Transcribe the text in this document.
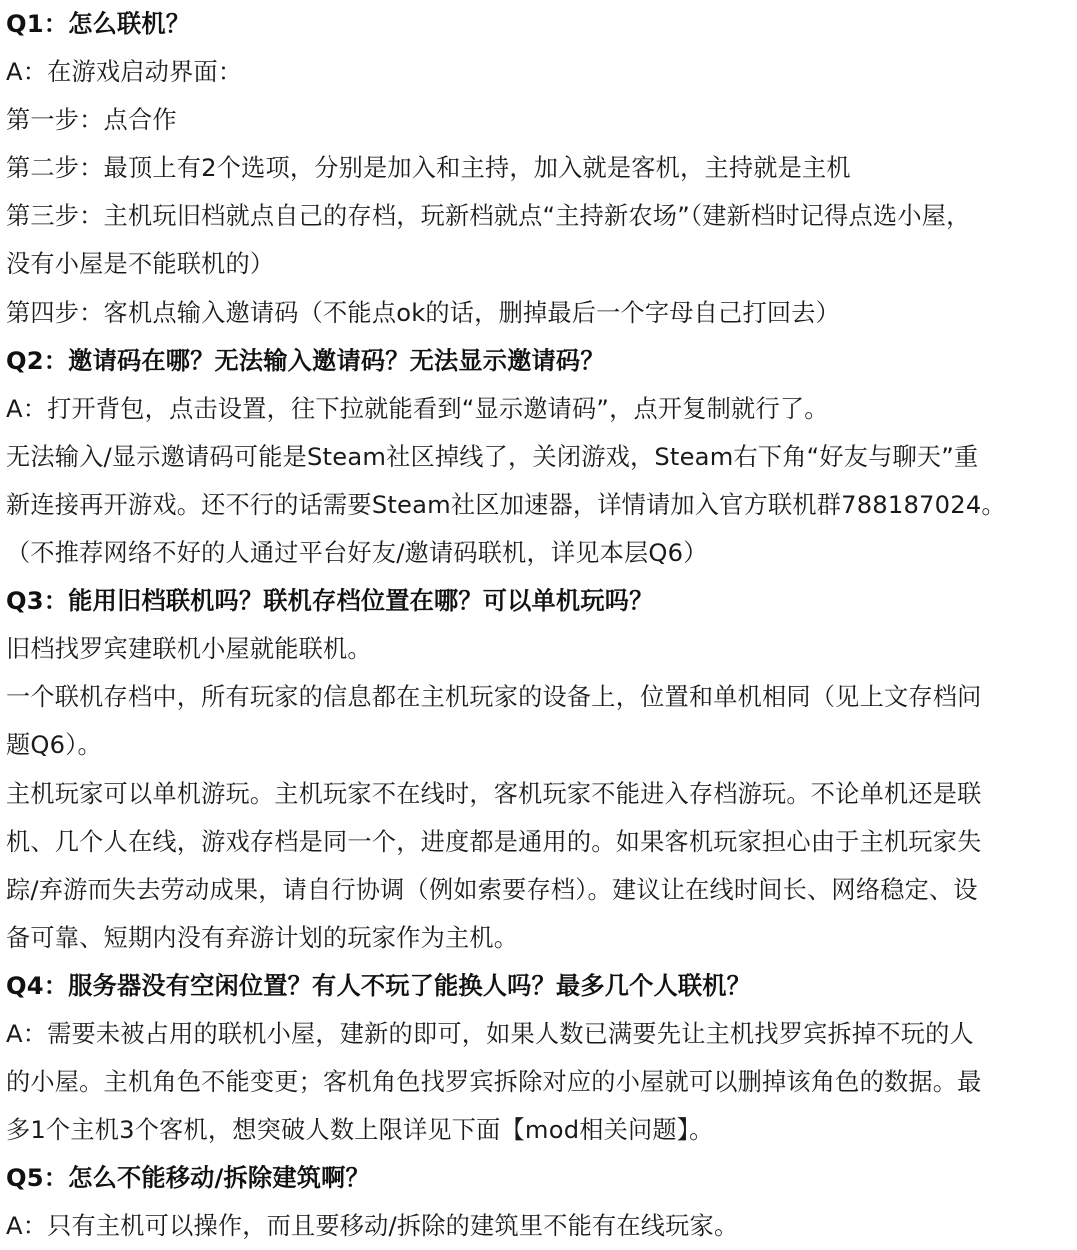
Q1：怎么联机？
A：在游戏启动界面：
第一步：点合作
第二步：最顶上有2个选项，分别是加入和主持，加入就是客机，主持就是主机
第三步：主机玩旧档就点自己的存档，玩新档就点“主持新农场”（建新档时记得点选小屋，
没有小屋是不能联机的）
第四步：客机点输入邀请码（不能点ok的话，删掉最后一个字母自己打回去）
Q2：邀请码在哪？无法输入邀请码？无法显示邀请码？
A：打开背包，点击设置，往下拉就能看到“显示邀请码”，点开复制就行了。
无法输入/显示邀请码可能是Steam社区掉线了，关闭游戏，Steam右下角“好友与聊天”重
新连接再开游戏。还不行的话需要Steam社区加速器，详情请加入官方联机群788187024。
（不推荐网络不好的人通过平台好友/邀请码联机，详见本层Q6）
Q3：能用旧档联机吗？联机存档位置在哪？可以单机玩吗？
旧档找罗宾建联机小屋就能联机。
一个联机存档中，所有玩家的信息都在主机玩家的设备上，位置和单机相同（见上文存档问
题Q6）。
主机玩家可以单机游玩。主机玩家不在线时，客机玩家不能进入存档游玩。不论单机还是联
机、几个人在线，游戏存档是同一个，进度都是通用的。如果客机玩家担心由于主机玩家失
踪/弃游而失去劳动成果，请自行协调（例如索要存档）。建议让在线时间长、网络稳定、设
备可靠、短期内没有弃游计划的玩家作为主机。
Q4：服务器没有空闲位置？有人不玩了能换人吗？最多几个人联机？
A：需要未被占用的联机小屋，建新的即可，如果人数已满要先让主机找罗宾拆掉不玩的人
的小屋。主机角色不能变更；客机角色找罗宾拆除对应的小屋就可以删掉该角色的数据。最
多1个主机3个客机，想突破人数上限详见下面【mod相关问题】。
Q5：怎么不能移动/拆除建筑啊？
A：只有主机可以操作，而且要移动/拆除的建筑里不能有在线玩家。
